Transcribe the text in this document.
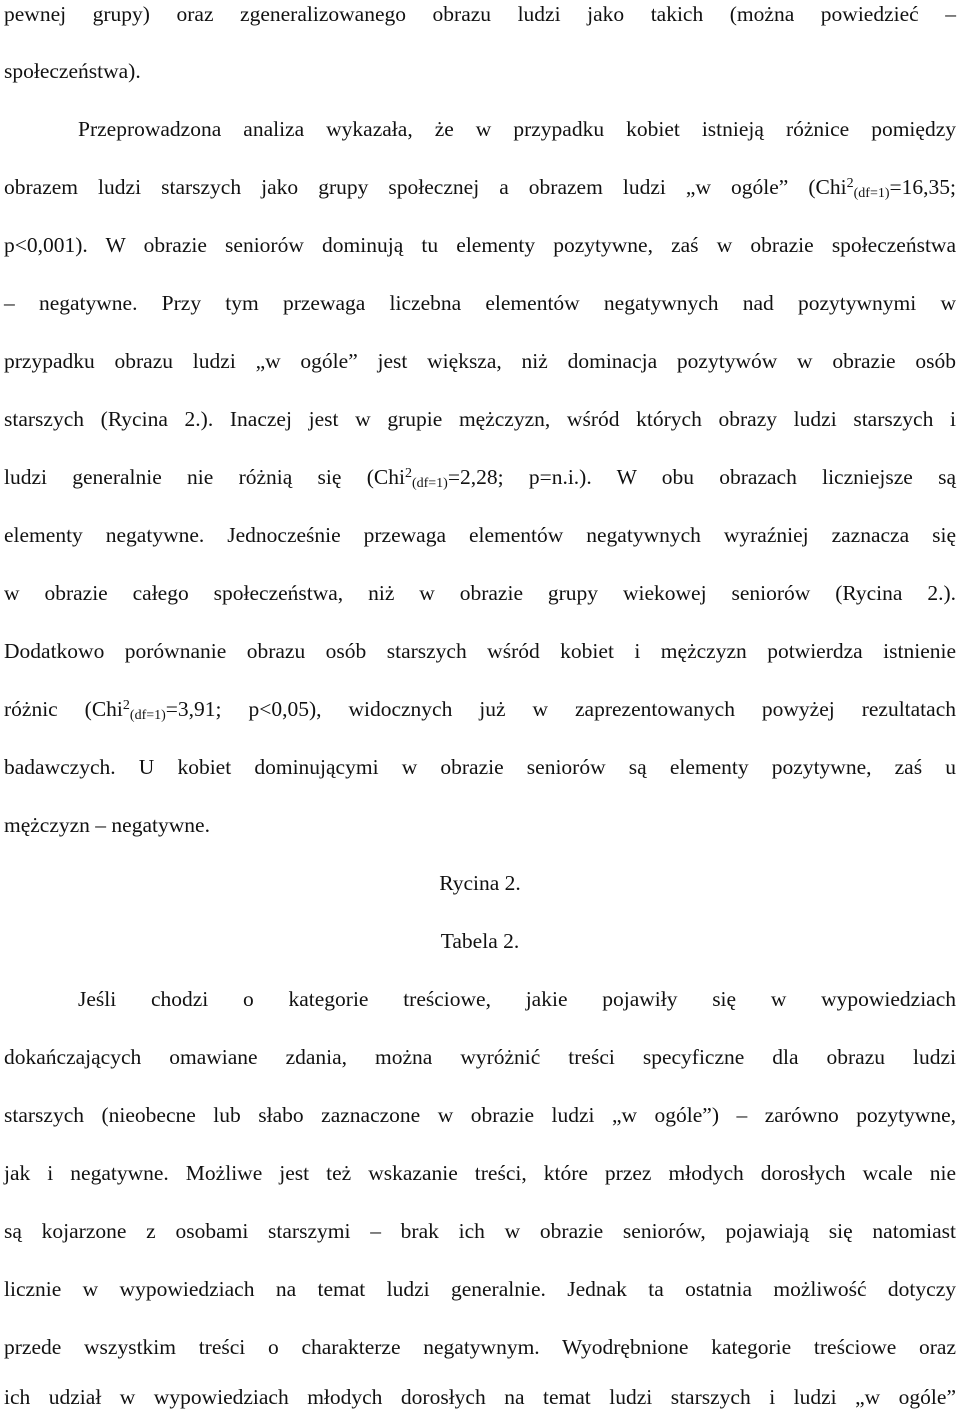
pewnej grupy) oraz zgeneralizowanego obrazu ludzi jako takich (można powiedzieć –
społeczeństwa).
Przeprowadzona analiza wykazała, że w przypadku kobiet istnieją różnice pomiędzy
obrazem ludzi starszych jako grupy społecznej a obrazem ludzi „w ogóle” (Chi$^2_{(df=1)}$=16,35;
p<0,001). W obrazie seniorów dominują tu elementy pozytywne, zaś w obrazie społeczeństwa
– negatywne. Przy tym przewaga liczebna elementów negatywnych nad pozytywnymi w
przypadku obrazu ludzi „w ogóle” jest większa, niż dominacja pozytywów w obrazie osób
starszych (Rycina 2.). Inaczej jest w grupie mężczyzn, wśród których obrazy ludzi starszych i
ludzi generalnie nie różnią się (Chi$^2_{(df=1)}$=2,28; p=n.i.). W obu obrazach liczniejsze są
elementy negatywne. Jednocześnie przewaga elementów negatywnych wyraźniej zaznacza się
w obrazie całego społeczeństwa, niż w obrazie grupy wiekowej seniorów (Rycina 2.).
Dodatkowo porównanie obrazu osób starszych wśród kobiet i mężczyzn potwierdza istnienie
różnic (Chi$^2_{(df=1)}$=3,91; p<0,05), widocznych już w zaprezentowanych powyżej rezultatach
badawczych. U kobiet dominującymi w obrazie seniorów są elementy pozytywne, zaś u
mężczyzn – negatywne.
Rycina 2.
Tabela 2.
Jeśli chodzi o kategorie treściowe, jakie pojawiły się w wypowiedziach
dokańczających omawiane zdania, można wyróżnić treści specyficzne dla obrazu ludzi
starszych (nieobecne lub słabo zaznaczone w obrazie ludzi „w ogóle”) – zarówno pozytywne,
jak i negatywne. Możliwe jest też wskazanie treści, które przez młodych dorosłych wcale nie
są kojarzone z osobami starszymi – brak ich w obrazie seniorów, pojawiają się natomiast
licznie w wypowiedziach na temat ludzi generalnie. Jednak ta ostatnia możliwość dotyczy
przede wszystkim treści o charakterze negatywnym. Wyodrębnione kategorie treściowe oraz
ich udział w wypowiedziach młodych dorosłych na temat ludzi starszych i ludzi „w ogóle”
